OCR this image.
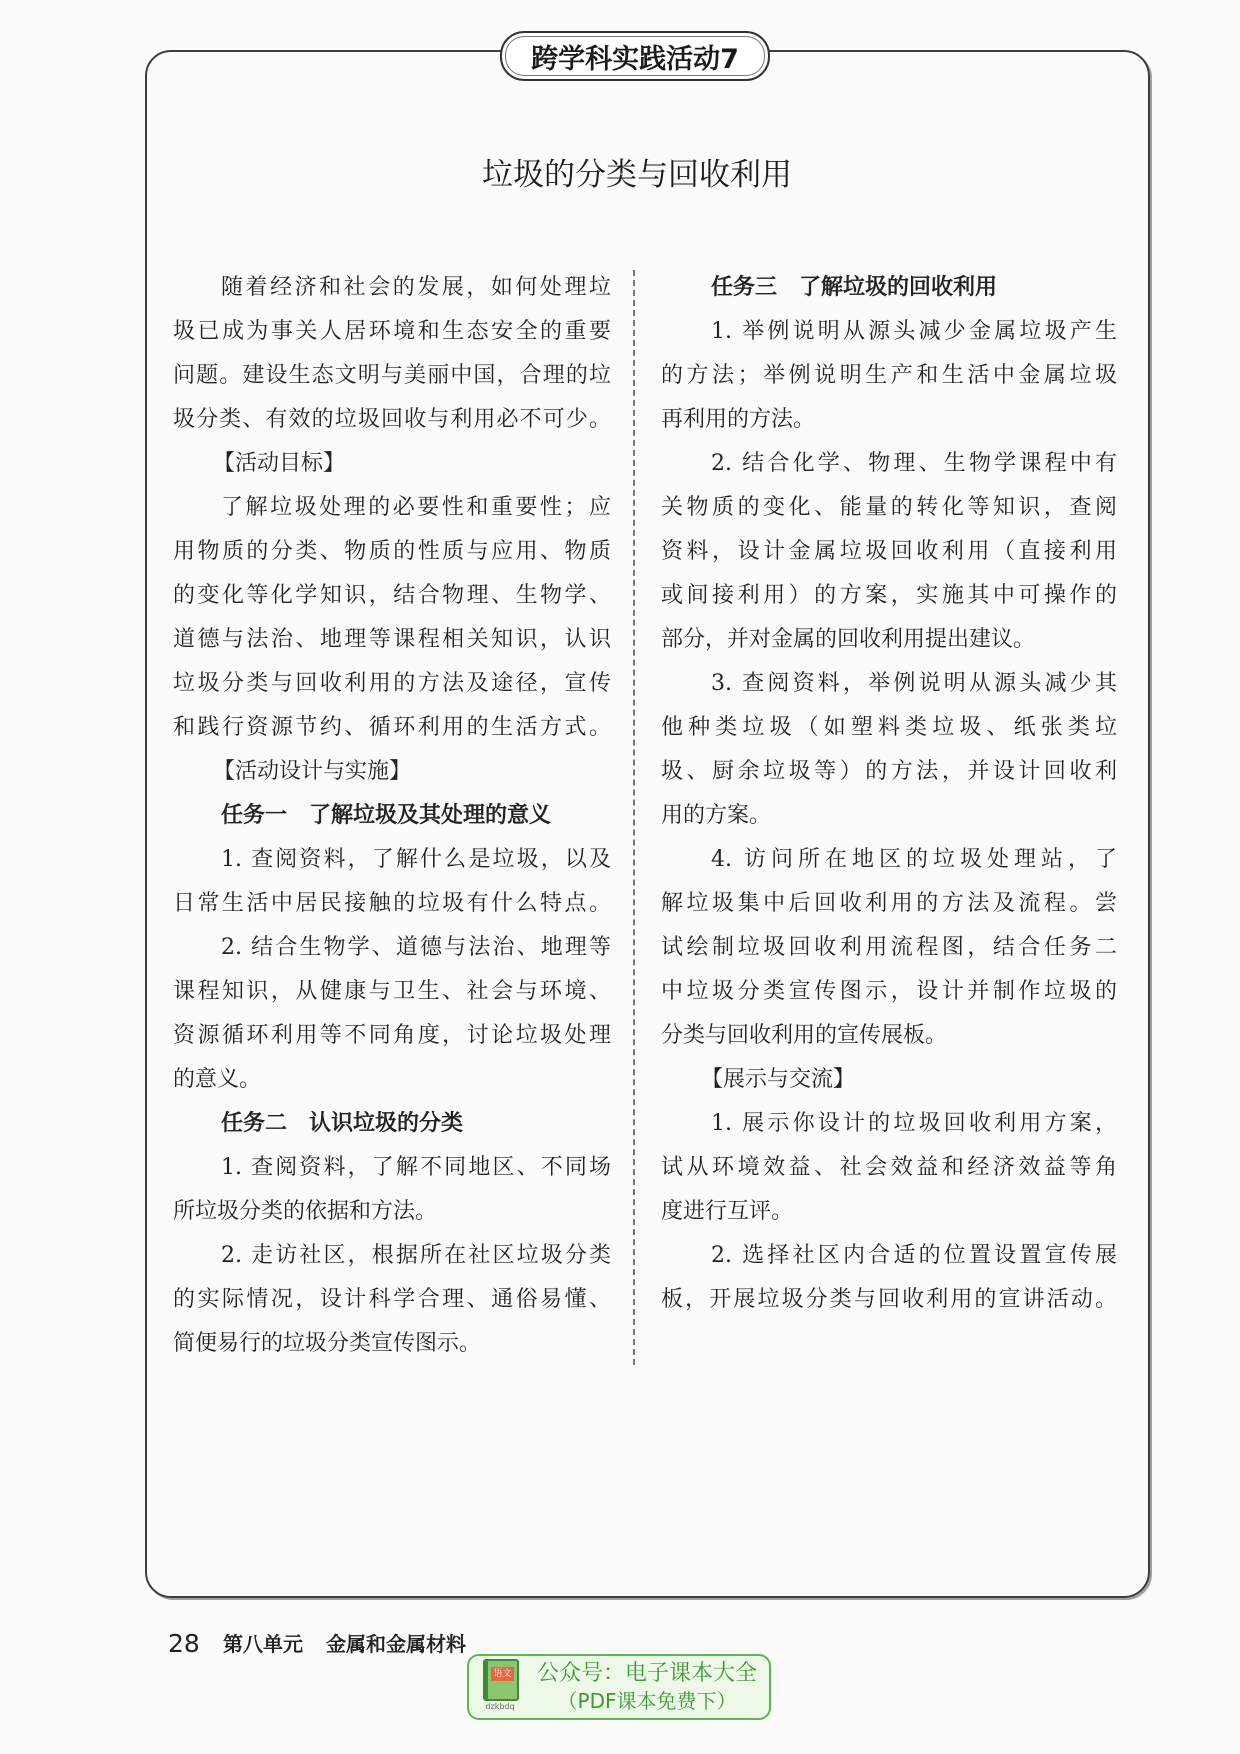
跨学科实践活动7
垃圾的分类与回收利用
随着经济和社会的发展，如何处理垃
圾已成为事关人居环境和生态安全的重要
问题。建设生态文明与美丽中国，合理的垃
圾分类、有效的垃圾回收与利用必不可少。
【活动目标】
了解垃圾处理的必要性和重要性；应
用物质的分类、物质的性质与应用、物质
的变化等化学知识，结合物理、生物学、
道德与法治、地理等课程相关知识，认识
垃圾分类与回收利用的方法及途径，宣传
和践行资源节约、循环利用的生活方式。
【活动设计与实施】
任务一　了解垃圾及其处理的意义
1. 查阅资料，了解什么是垃圾，以及
日常生活中居民接触的垃圾有什么特点。
2. 结合生物学、道德与法治、地理等
课程知识，从健康与卫生、社会与环境、
资源循环利用等不同角度，讨论垃圾处理
的意义。
任务二　认识垃圾的分类
1. 查阅资料，了解不同地区、不同场
所垃圾分类的依据和方法。
2. 走访社区，根据所在社区垃圾分类
的实际情况，设计科学合理、通俗易懂、
简便易行的垃圾分类宣传图示。
任务三　了解垃圾的回收利用
1. 举例说明从源头减少金属垃圾产生
的方法；举例说明生产和生活中金属垃圾
再利用的方法。
2. 结合化学、物理、生物学课程中有
关物质的变化、能量的转化等知识，查阅
资料，设计金属垃圾回收利用（直接利用
或间接利用）的方案，实施其中可操作的
部分，并对金属的回收利用提出建议。
3. 查阅资料，举例说明从源头减少其
他种类垃圾（如塑料类垃圾、纸张类垃
圾、厨余垃圾等）的方法，并设计回收利
用的方案。
4. 访问所在地区的垃圾处理站，了
解垃圾集中后回收利用的方法及流程。尝
试绘制垃圾回收利用流程图，结合任务二
中垃圾分类宣传图示，设计并制作垃圾的
分类与回收利用的宣传展板。
【展示与交流】
1. 展示你设计的垃圾回收利用方案，
试从环境效益、社会效益和经济效益等角
度进行互评。
2. 选择社区内合适的位置设置宣传展
板，开展垃圾分类与回收利用的宣讲活动。
28 第八单元 金属和金属材料
语文
dzkbdq
公众号：电子课本大全
（PDF课本免费下）
